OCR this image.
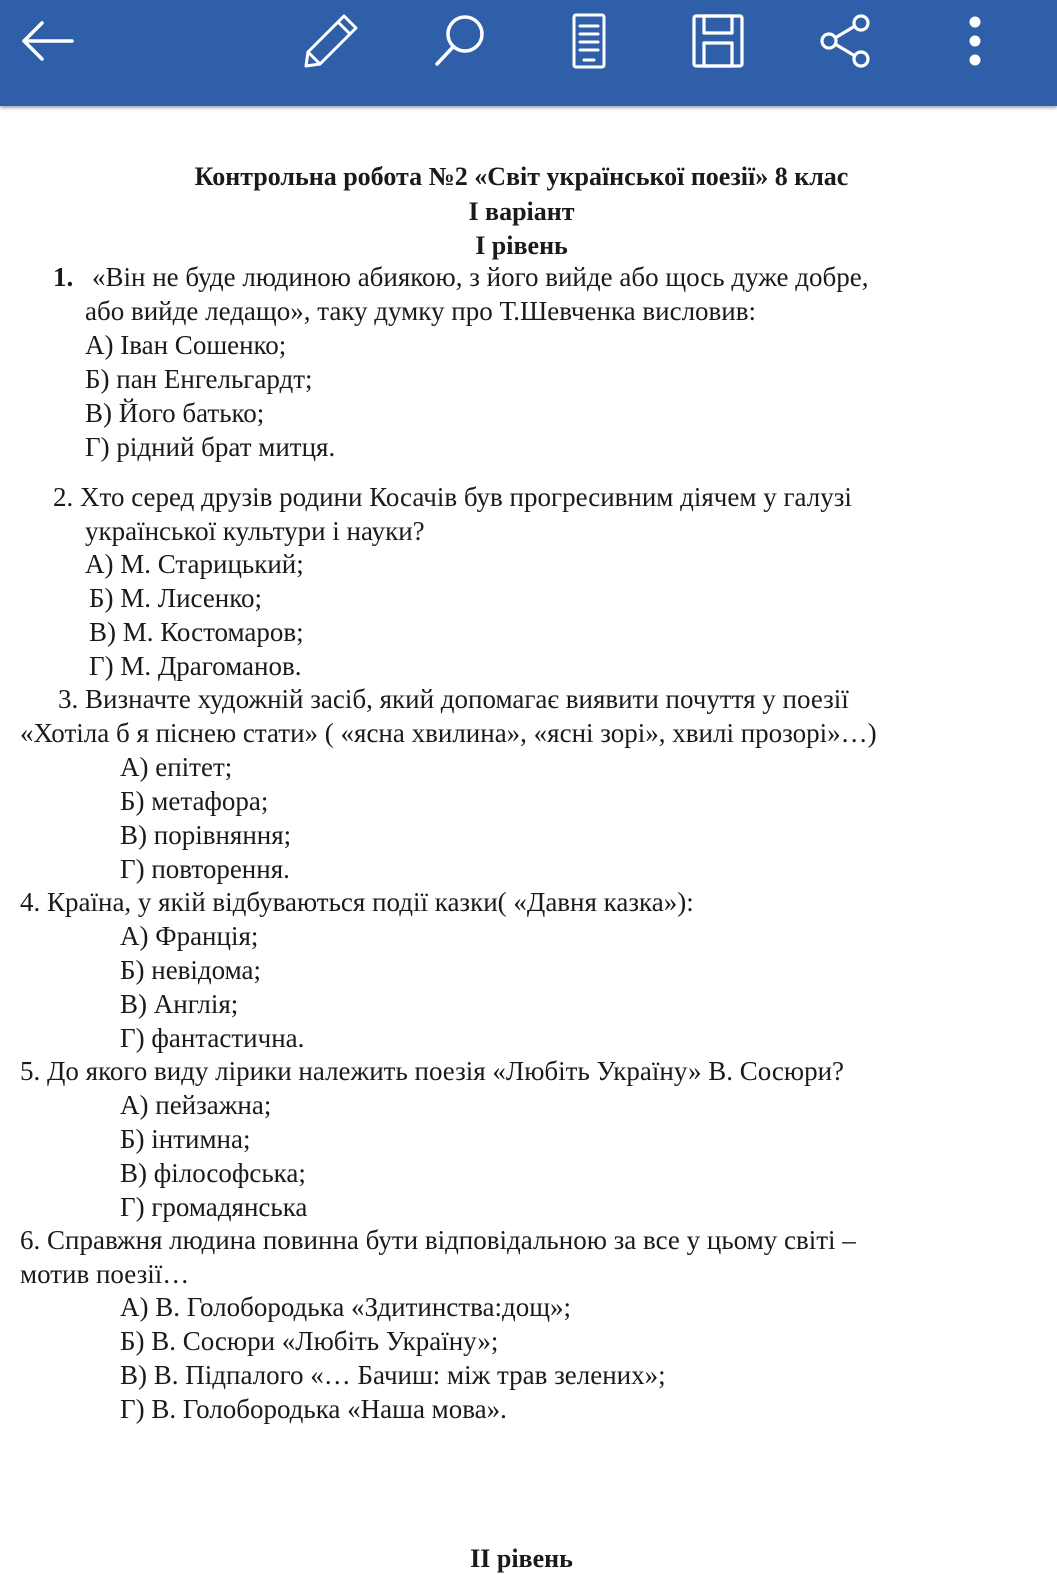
Контрольна робота №2 «Світ української поезії» 8 клас
І варіант
І рівень
1. «Він не буде людиною абиякою, з його вийде або щось дуже добре,
або вийде ледащо», таку думку про Т.Шевченка висловив:
А) Іван Сошенко;
Б) пан Енгельгардт;
В) Його батько;
Г) рідний брат митця.
2. Хто серед друзів родини Косачів був прогресивним діячем у галузі
української культури і науки?
А) М. Старицький;
Б) М. Лисенко;
В) М. Костомаров;
Г) М. Драгоманов.
3. Визначте художній засіб, який допомагає виявити почуття у поезії
«Хотіла б я піснею стати» ( «ясна хвилина», «ясні зорі», хвилі прозорі»…)
А) епітет;
Б) метафора;
В) порівняння;
Г) повторення.
4. Країна, у якій відбуваються події казки( «Давня казка»):
А) Франція;
Б) невідома;
В) Англія;
Г) фантастична.
5. До якого виду лірики належить поезія «Любіть Україну» В. Сосюри?
А) пейзажна;
Б) інтимна;
В) філософська;
Г) громадянська
6. Справжня людина повинна бути відповідальною за все у цьому світі –
мотив поезії…
А) В. Голобородька «Здитинства:дощ»;
Б) В. Сосюри «Любіть Україну»;
В) В. Підпалого «… Бачиш: між трав зелених»;
Г) В. Голобородька «Наша мова».
ІІ рівень
